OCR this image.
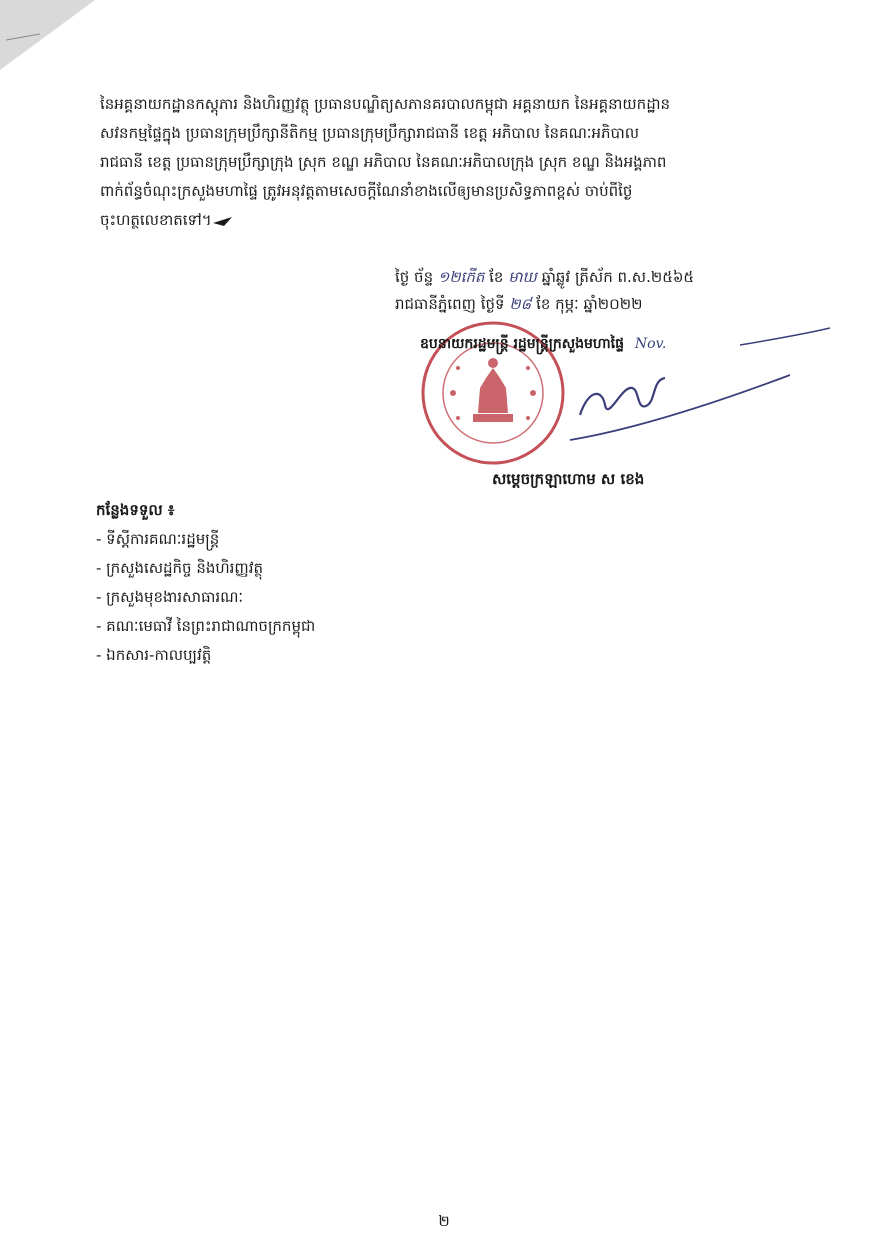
នៃអគ្គនាយកដ្ឋានកស្តុភារ និងហិរញ្ញវត្ថុ ប្រធានបណ្ឌិត្យសភានគរបាលកម្ពុជា អគ្គនាយក នៃអគ្គនាយកដ្ឋាន
សវនកម្មផ្ទៃក្នុង ប្រធានក្រុមប្រឹក្សានីតិកម្ម ប្រធានក្រុមប្រឹក្សារាជធានី ខេត្ត អភិបាល នៃគណៈអភិបាល
រាជធានី ខេត្ត ប្រធានក្រុមប្រឹក្សាក្រុង ស្រុក ខណ្ឌ អភិបាល នៃគណៈអភិបាលក្រុង ស្រុក ខណ្ឌ និងអង្គភាព
ពាក់ព័ន្ធចំណុះក្រសួងមហាផ្ទៃ ត្រូវអនុវត្តតាមសេចក្តីណែនាំខាងលើឲ្យមានប្រសិទ្ធភាពខ្ពស់ ចាប់ពីថ្ងៃ
ចុះហត្ថលេខាតទៅ។
ថ្ងៃ ច័ន្ទ ១២កើត ខែ មាឃ ឆ្នាំឆ្លូវ ត្រីស័ក ព.ស.២៥៦៥
រាជធានីភ្នំពេញ ថ្ងៃទី ២៨ ខែ កុម្ភៈ ឆ្នាំ២០២២
ឧបនាយករដ្ឋមន្ត្រី រដ្ឋមន្ត្រីក្រសួងមហាផ្ទៃ Nov.
សម្តេចក្រឡាហោម ស ខេង
កន្លែងទទួល ៖
- ទីស្តីការគណៈរដ្ឋមន្ត្រី
- ក្រសួងសេដ្ឋកិច្ច និងហិរញ្ញវត្ថុ
- ក្រសួងមុខងារសាធារណៈ
- គណៈមេធាវី នៃព្រះរាជាណាចក្រកម្ពុជា
- ឯកសារ-កាលប្បវត្តិ
២
